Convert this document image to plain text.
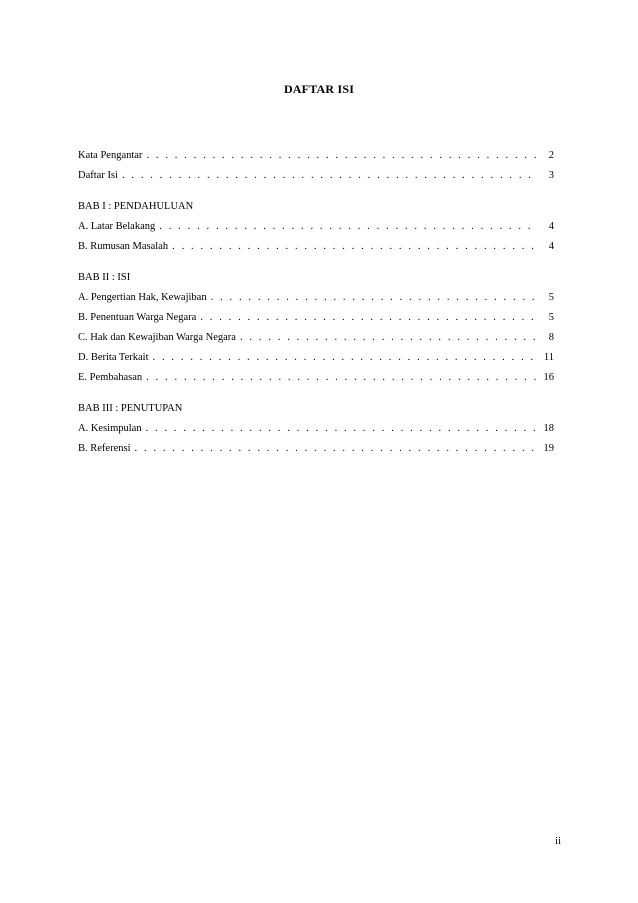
DAFTAR ISI
Kata Pengantar . . .	2
Daftar Isi . . .	3
BAB I : PENDAHULUAN
A. Latar Belakang . . .	4
B. Rumusan Masalah . . .	4
BAB II : ISI
A. Pengertian Hak, Kewajiban . . .	5
B. Penentuan Warga Negara . . .	5
C. Hak dan Kewajiban Warga Negara . . .	8
D. Berita Terkait . . .	11
E. Pembahasan . . .	16
BAB III : PENUTUPAN
A. Kesimpulan . . .	18
B. Referensi . . .	19
ii
